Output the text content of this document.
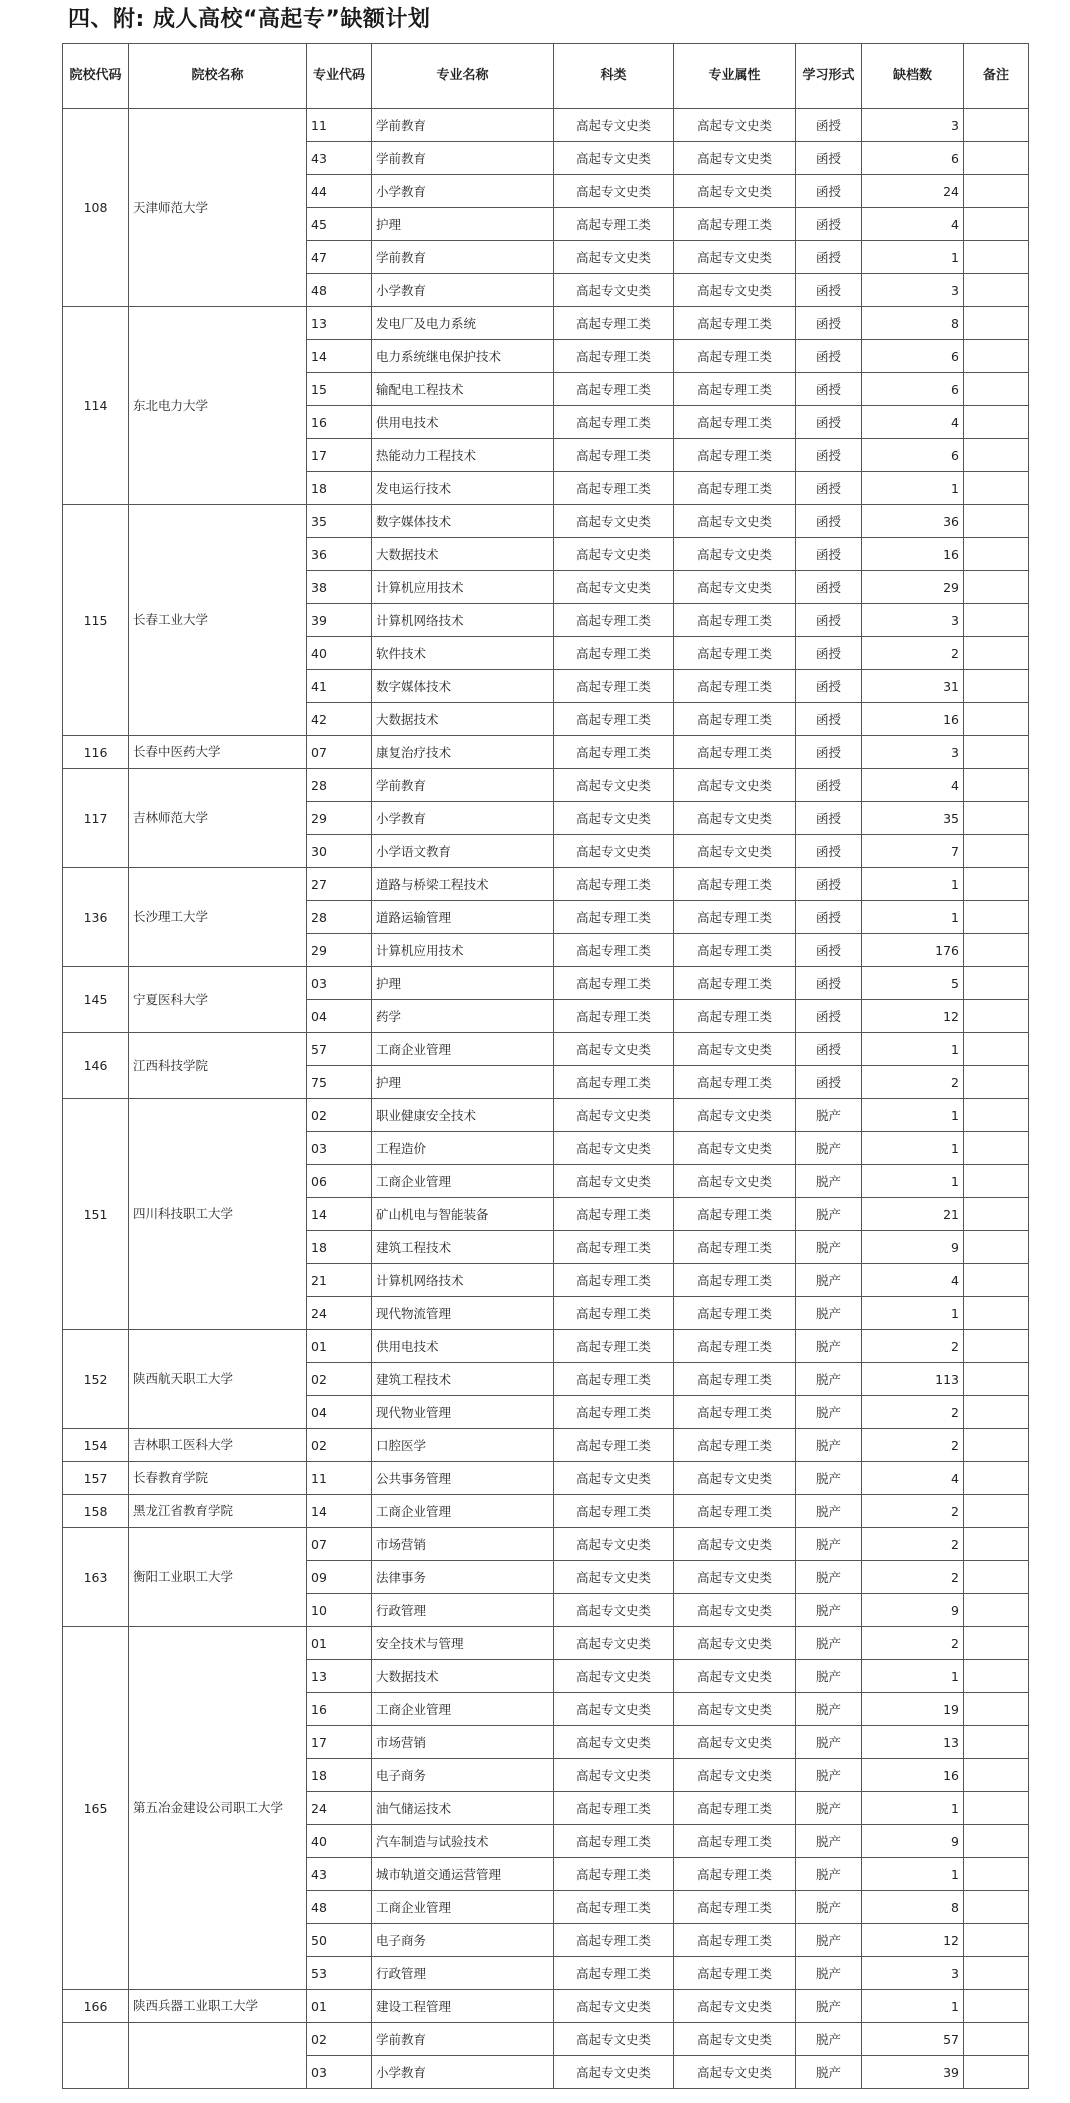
四、附: 成人高校“高起专”缺额计划
院校代码	院校名称	专业代码	专业名称	科类	专业属性	学习形式	缺档数	备注
108	天津师范大学	11	学前教育	高起专文史类	高起专文史类	函授	3	
		43	学前教育	高起专文史类	高起专文史类	函授	6	
		44	小学教育	高起专文史类	高起专文史类	函授	24	
		45	护理	高起专理工类	高起专理工类	函授	4	
		47	学前教育	高起专文史类	高起专文史类	函授	1	
		48	小学教育	高起专文史类	高起专文史类	函授	3	
114	东北电力大学	13	发电厂及电力系统	高起专理工类	高起专理工类	函授	8	
		14	电力系统继电保护技术	高起专理工类	高起专理工类	函授	6	
		15	输配电工程技术	高起专理工类	高起专理工类	函授	6	
		16	供用电技术	高起专理工类	高起专理工类	函授	4	
		17	热能动力工程技术	高起专理工类	高起专理工类	函授	6	
		18	发电运行技术	高起专理工类	高起专理工类	函授	1	
115	长春工业大学	35	数字媒体技术	高起专文史类	高起专文史类	函授	36	
		36	大数据技术	高起专文史类	高起专文史类	函授	16	
		38	计算机应用技术	高起专文史类	高起专文史类	函授	29	
		39	计算机网络技术	高起专理工类	高起专理工类	函授	3	
		40	软件技术	高起专理工类	高起专理工类	函授	2	
		41	数字媒体技术	高起专理工类	高起专理工类	函授	31	
		42	大数据技术	高起专理工类	高起专理工类	函授	16	
116	长春中医药大学	07	康复治疗技术	高起专理工类	高起专理工类	函授	3	
117	吉林师范大学	28	学前教育	高起专文史类	高起专文史类	函授	4	
		29	小学教育	高起专文史类	高起专文史类	函授	35	
		30	小学语文教育	高起专文史类	高起专文史类	函授	7	
136	长沙理工大学	27	道路与桥梁工程技术	高起专理工类	高起专理工类	函授	1	
		28	道路运输管理	高起专理工类	高起专理工类	函授	1	
		29	计算机应用技术	高起专理工类	高起专理工类	函授	176	
145	宁夏医科大学	03	护理	高起专理工类	高起专理工类	函授	5	
		04	药学	高起专理工类	高起专理工类	函授	12	
146	江西科技学院	57	工商企业管理	高起专文史类	高起专文史类	函授	1	
		75	护理	高起专理工类	高起专理工类	函授	2	
151	四川科技职工大学	02	职业健康安全技术	高起专文史类	高起专文史类	脱产	1	
		03	工程造价	高起专文史类	高起专文史类	脱产	1	
		06	工商企业管理	高起专文史类	高起专文史类	脱产	1	
		14	矿山机电与智能装备	高起专理工类	高起专理工类	脱产	21	
		18	建筑工程技术	高起专理工类	高起专理工类	脱产	9	
		21	计算机网络技术	高起专理工类	高起专理工类	脱产	4	
		24	现代物流管理	高起专理工类	高起专理工类	脱产	1	
152	陕西航天职工大学	01	供用电技术	高起专理工类	高起专理工类	脱产	2	
		02	建筑工程技术	高起专理工类	高起专理工类	脱产	113	
		04	现代物业管理	高起专理工类	高起专理工类	脱产	2	
154	吉林职工医科大学	02	口腔医学	高起专理工类	高起专理工类	脱产	2	
157	长春教育学院	11	公共事务管理	高起专文史类	高起专文史类	脱产	4	
158	黑龙江省教育学院	14	工商企业管理	高起专理工类	高起专理工类	脱产	2	
163	衡阳工业职工大学	07	市场营销	高起专文史类	高起专文史类	脱产	2	
		09	法律事务	高起专文史类	高起专文史类	脱产	2	
		10	行政管理	高起专文史类	高起专文史类	脱产	9	
165	第五冶金建设公司职工大学	01	安全技术与管理	高起专文史类	高起专文史类	脱产	2	
		13	大数据技术	高起专文史类	高起专文史类	脱产	1	
		16	工商企业管理	高起专文史类	高起专文史类	脱产	19	
		17	市场营销	高起专文史类	高起专文史类	脱产	13	
		18	电子商务	高起专文史类	高起专文史类	脱产	16	
		24	油气储运技术	高起专理工类	高起专理工类	脱产	1	
		40	汽车制造与试验技术	高起专理工类	高起专理工类	脱产	9	
		43	城市轨道交通运营管理	高起专理工类	高起专理工类	脱产	1	
		48	工商企业管理	高起专理工类	高起专理工类	脱产	8	
		50	电子商务	高起专理工类	高起专理工类	脱产	12	
		53	行政管理	高起专理工类	高起专理工类	脱产	3	
166	陕西兵器工业职工大学	01	建设工程管理	高起专文史类	高起专文史类	脱产	1	
		02	学前教育	高起专文史类	高起专文史类	脱产	57	
		03	小学教育	高起专文史类	高起专文史类	脱产	39	
